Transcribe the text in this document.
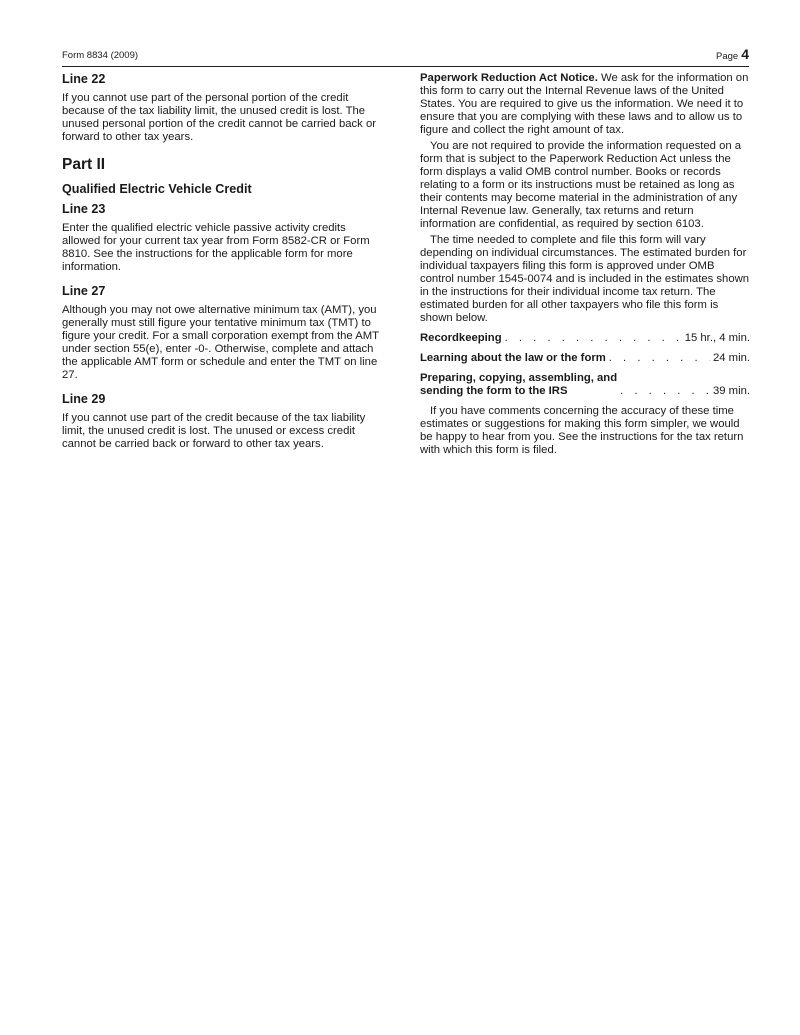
Form 8834 (2009)	Page 4
Line 22

If you cannot use part of the personal portion of the credit because of the tax liability limit, the unused credit is lost. The unused personal portion of the credit cannot be carried back or forward to other tax years.

Part II
Qualified Electric Vehicle Credit
Line 23

Enter the qualified electric vehicle passive activity credits allowed for your current tax year from Form 8582-CR or Form 8810. See the instructions for the applicable form for more information.

Line 27

Although you may not owe alternative minimum tax (AMT), you generally must still figure your tentative minimum tax (TMT) to figure your credit. For a small corporation exempt from the AMT under section 55(e), enter -0-. Otherwise, complete and attach the applicable AMT form or schedule and enter the TMT on line 27.

Line 29

If you cannot use part of the credit because of the tax liability limit, the unused credit is lost. The unused or excess credit cannot be carried back or forward to other tax years.

Paperwork Reduction Act Notice. We ask for the information on this form to carry out the Internal Revenue laws of the United States. You are required to give us the information. We need it to ensure that you are complying with these laws and to allow us to figure and collect the right amount of tax.

You are not required to provide the information requested on a form that is subject to the Paperwork Reduction Act unless the form displays a valid OMB control number. Books or records relating to a form or its instructions must be retained as long as their contents may become material in the administration of any Internal Revenue law. Generally, tax returns and return information are confidential, as required by section 6103.

The time needed to complete and file this form will vary depending on individual circumstances. The estimated burden for individual taxpayers filing this form is approved under OMB control number 1545-0074 and is included in the estimates shown in the instructions for their individual income tax return. The estimated burden for all other taxpayers who file this form is shown below.

Recordkeeping . . .	15 hr., 4 min.
Learning about the law or the form . . .	24 min.
Preparing, copying, assembling, and
sending the form to the IRS . . .	39 min.

If you have comments concerning the accuracy of these time estimates or suggestions for making this form simpler, we would be happy to hear from you. See the instructions for the tax return with which this form is filed.
